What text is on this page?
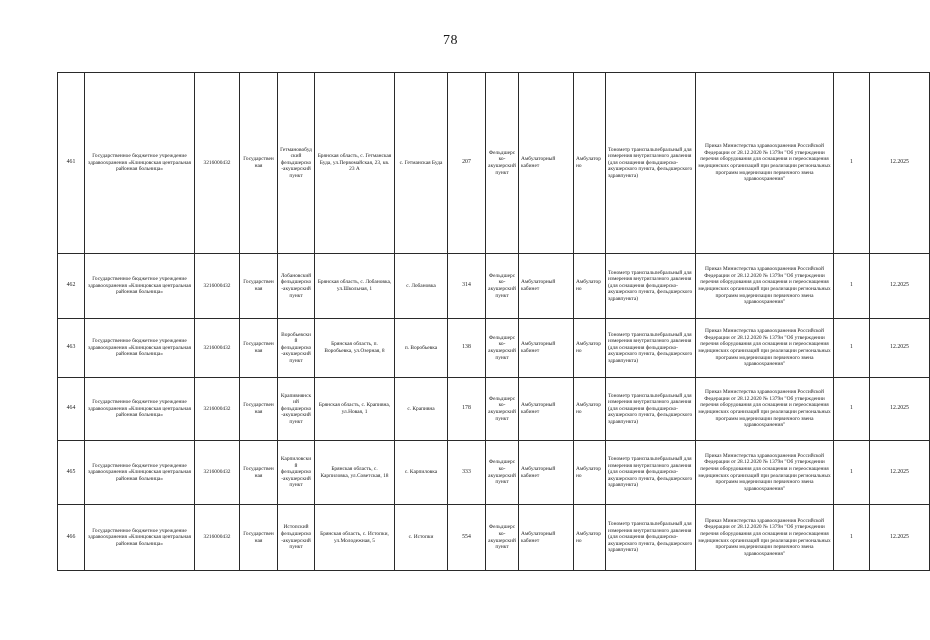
78
461	Государственное бюджетное учреждение здравоохранения «Клинцовская центральная районная больница»	3216000432	Государственная	Гетмановобудский фельдшерско-акушерский пункт	Брянская область, с. Гетманская Буда, ул.Первомайская, 23, кв. 23 А	с. Гетманская Буда	207	Фельдшерско-акушерский пункт	Амбулаторный кабинет	Амбулаторно	Тонометр транспальпебральный для измерения внутриглазного давления (для оснащения фельдшерско-акушерского пункта, фельдшерского здравпункта)	Приказ Министерства здравоохранения Российской Федерации от 28.12.2020 № 1379н "Об утверждении перечня оборудования для оснащения и переоснащения медицинских организаций при реализации региональных программ модернизации первичного звена здравоохранения"	1	12.2025
462	Государственное бюджетное учреждение здравоохранения «Клинцовская центральная районная больница»	3216000432	Государственная	Лобановский фельдшерско-акушерский пункт	Брянская область, с. Лобановка, ул.Школьная, 1	с. Лобановка	314	Фельдшерско-акушерский пункт	Амбулаторный кабинет	Амбулаторно	Тонометр транспальпебральный для измерения внутриглазного давления (для оснащения фельдшерско-акушерского пункта, фельдшерского здравпункта)	Приказ Министерства здравоохранения Российской Федерации от 28.12.2020 № 1379н "Об утверждении перечня оборудования для оснащения и переоснащения медицинских организаций при реализации региональных программ модернизации первичного звена здравоохранения"	1	12.2025
463	Государственное бюджетное учреждение здравоохранения «Клинцовская центральная районная больница»	3216000432	Государственная	Воробьевский фельдшерско-акушерский пункт	Брянская область, п. Воробьевка, ул.Озерная, 8	п. Воробьевка	138	Фельдшерско-акушерский пункт	Амбулаторный кабинет	Амбулаторно	Тонометр транспальпебральный для измерения внутриглазного давления (для оснащения фельдшерско-акушерского пункта, фельдшерского здравпункта)	Приказ Министерства здравоохранения Российской Федерации от 28.12.2020 № 1379н "Об утверждении перечня оборудования для оснащения и переоснащения медицинских организаций при реализации региональных программ модернизации первичного звена здравоохранения"	1	12.2025
464	Государственное бюджетное учреждение здравоохранения «Клинцовская центральная районная больница»	3216000432	Государственная	Крапивнянский фельдшерско-акушерский пункт	Брянская область, с. Крапивна, ул.Новая, 1	с. Крапивна	178	Фельдшерско-акушерский пункт	Амбулаторный кабинет	Амбулаторно	Тонометр транспальпебральный для измерения внутриглазного давления (для оснащения фельдшерско-акушерского пункта, фельдшерского здравпункта)	Приказ Министерства здравоохранения Российской Федерации от 28.12.2020 № 1379н "Об утверждении перечня оборудования для оснащения и переоснащения медицинских организаций при реализации региональных программ модернизации первичного звена здравоохранения"	1	12.2025
465	Государственное бюджетное учреждение здравоохранения «Клинцовская центральная районная больница»	3216000432	Государственная	Карпиловский фельдшерско-акушерский пункт	Брянская область, с. Карпиловка, ул.Советская, 18	с. Карпиловка	333	Фельдшерско-акушерский пункт	Амбулаторный кабинет	Амбулаторно	Тонометр транспальпебральный для измерения внутриглазного давления (для оснащения фельдшерско-акушерского пункта, фельдшерского здравпункта)	Приказ Министерства здравоохранения Российской Федерации от 28.12.2020 № 1379н "Об утверждении перечня оборудования для оснащения и переоснащения медицинских организаций при реализации региональных программ модернизации первичного звена здравоохранения"	1	12.2025
466	Государственное бюджетное учреждение здравоохранения «Клинцовская центральная районная больница»	3216000432	Государственная	Истопский фельдшерско-акушерский пункт	Брянская область, с. Истопки, ул.Молодежная, 5	с. Истопки	554	Фельдшерско-акушерский пункт	Амбулаторный кабинет	Амбулаторно	Тонометр транспальпебральный для измерения внутриглазного давления (для оснащения фельдшерско-акушерского пункта, фельдшерского здравпункта)	Приказ Министерства здравоохранения Российской Федерации от 28.12.2020 № 1379н "Об утверждении перечня оборудования для оснащения и переоснащения медицинских организаций при реализации региональных программ модернизации первичного звена здравоохранения"	1	12.2025
